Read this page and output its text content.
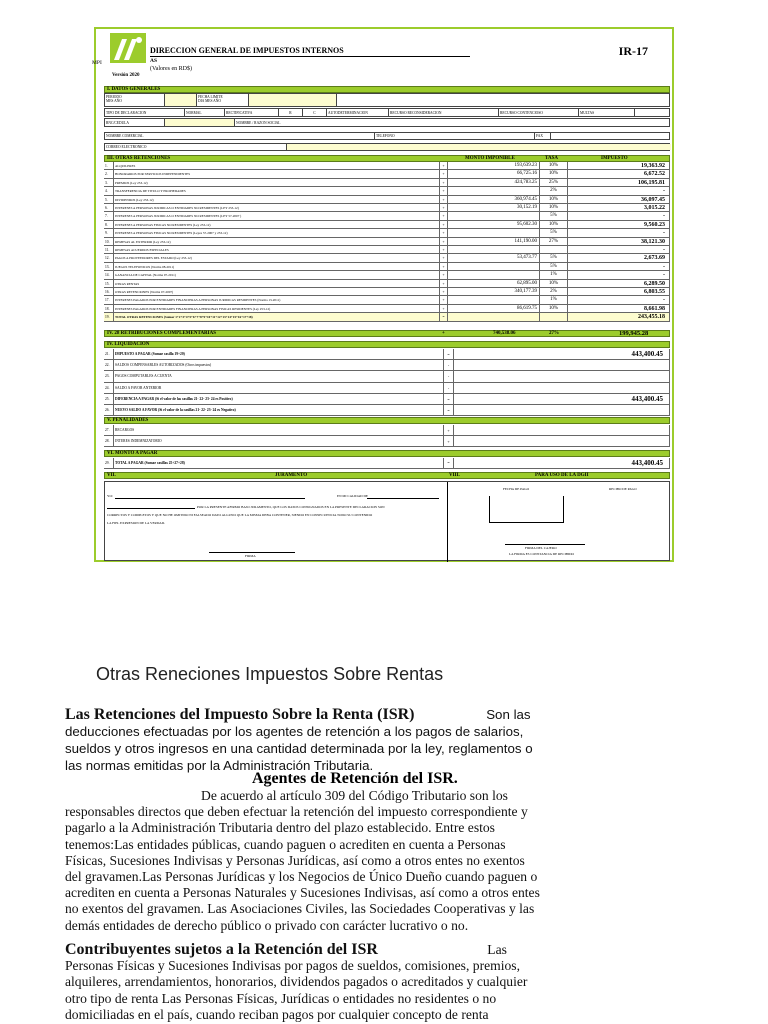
MPI
DIRECCION GENERAL DE IMPUESTOS INTERNOS	IR-17
AS
(Valores en RD$)
Versión 2020
I. DATOS GENERALES
PERIODO
MES AÑO
FECHA LIMITE
DIA MES AÑO
TIPO DE DECLARACION	NORMAL	RECTIFICATIVA	R	C	AUTODETERMINACION	RECURSO RECONSIDERACION	RECURSO CONTENCIOSO	MULTAS
RNC/CEDULA	NOMBRE / RAZON SOCIAL
NOMBRE COMERCIAL	TELEFONO	FAX
CORREO ELECTRONICO
III. OTRAS RETENCIONES	MONTO IMPONIBLE	TASA	IMPUESTO
1.	ALQUILERES	+	193,639.23	10%	19,363.92
2.	HONORARIOS POR SERVICIOS INDEPENDIENTES	+	66,725.16	10%	6,672.52
3.	PREMIOS (Ley 253-12)	+	424,783.25	25%	106,195.81
4.	TRANSFERENCIA DE TITULO Y PROPIEDADES	+	2%	-
5.	DIVIDENDOS (Ley 253-12)	+	360,974.45	10%	36,097.45
6.	INTERESES A PERSONAS JURIDICAS O ENTIDADES NO RESIDENTES (LEY 253-12)	+	30,152.19	10%	3,015.22
7.	INTERESES A PERSONAS JURIDICAS O ENTIDADES NO RESIDENTES (LEY 57-2007 )	+	5%	-
8.	INTERESES A PERSONAS FISICAS NO RESIDENTES (Ley 253-12)	+	95,602.30	10%	9,560.23
9.	INTERESES A PERSONAS FISICAS NO RESIDENTES (Leyes 57-2007 y 253-12)	+	5%	-
10.	REMESAS AL EXTERIOR (Ley 253-12)	+	141,190.00	27%	38,121.30
11.	REMESAS ACUERDOS ESPECIALES	+	-
12.	PAGOS A PROVEEDORES DEL ESTADO (Ley 253-12)	+	53,473.77	5%	2,673.69
13.	JUEGOS TELEFONICOS (Norma 08-2011)	+	5%	-
14.	GANANCIA DE CAPITAL (Norma 07-2011)	+	1%	-
15.	OTRAS RENTAS	+	62,895.00	10%	6,289.50
16.	OTRAS RETENCIONES (Norma 07-2007)	+	340,177.39	2%	6,803.55
17.	INTERESES PAGADOS POR ENTIDADES FINANCIERAS A PERSONAS JURIDICAS RESIDENTES (Norma 13-2011)	+	1%	-
18.	INTERESES PAGADOS POR ENTIDADES FINANCIERAS A PERSONAS FISICAS RESIDENTES (Ley 253-12)	+	86,619.75	10%	8,661.98
19.	TOTAL OTRAS RETENCIONES (Sumar 1+2+3+4+5+6+7+8+9+10+11+12+13+14+15+16+17+18)	=	243,455.18
IV. 28 RETRIBUCIONES COMPLEMENTARIAS	+	740,538.06	27%	199,945.28
IV. LIQUIDACION
21.	IMPUESTO A PAGAR (Sumar casilla 19+20)	=	443,400.45
22.	SALDOS COMPENSABLES AUTORIZADOS (Otros impuestos)	-
23.	PAGOS COMPUTABLES A CUENTA	-
24.	SALDO A FAVOR ANTERIOR	-
25.	DIFERENCIA A PAGAR (Si el valor de las casillas 21- 22- 23- 24 es Positivo)	=	443,400.45
26.	NUEVO SALDO A FAVOR (Si el valor de la casillas 21- 22- 23- 24 es Negativo)	=
V. PENALIDADES
27.	RECARGOS	+
28.	INTERES INDEMNIZATORIO	+
VI. MONTO A PAGAR
29.	TOTAL A PAGAR (Sumar casillas 25+27+28)	=	443,400.45
VII.	JURAMENTO	VIII.	PARA USO DE LA DGII
YO:	EN MI CALIDAD DE
POR LA PRESENTE AFIRMO BAJO JURAMENTO, QUE LOS DATOS CONSIGNADOS EN LA PRESENTE DECLARACION SON
CORRECTOS Y COMPLETOS Y QUE NO HE OMITIDO NI FALSEADO DATO ALGUNO QUE LA MISMA DEBA CONTENER, SIENDO EN CONSECUENCIA TODO SU CONTENIDO
LA FIEL EXPRESION DE LA VERDAD.
FIRMA
FECHA DE PAGO	RECIBO DE PAGO
FIRMA DEL CAJERO
LA FIRMA ES CONSTANCIA DE RECIBIDO
Otras Reneciones Impuestos Sobre Rentas
Las Retenciones del Impuesto Sobre la Renta (ISR)	Son las deducciones efectuadas por los agentes de retención a los pagos de salarios, sueldos y otros ingresos en una cantidad determinada por la ley, reglamentos o las normas emitidas por la Administración Tributaria.
Agentes de Retención del ISR.
De acuerdo al artículo 309 del Código Tributario son los responsables directos que deben efectuar la retención del impuesto correspondiente y pagarlo a la Administración Tributaria dentro del plazo establecido. Entre estos tenemos:Las entidades públicas, cuando paguen o acrediten en cuenta a Personas Físicas, Sucesiones Indivisas y Personas Jurídicas, así como a otros entes no exentos del gravamen.Las Personas Jurídicas y los Negocios de Único Dueño cuando paguen o acrediten en cuenta a Personas Naturales y Sucesiones Indivisas, así como a otros entes no exentos del gravamen. Las Asociaciones Civiles, las Sociedades Cooperativas y las demás entidades de derecho público o privado con carácter lucrativo o no.
Contribuyentes sujetos a la Retención del ISR	Las Personas Físicas y Sucesiones Indivisas por pagos de sueldos, comisiones, premios, alquileres, arrendamientos, honorarios, dividendos pagados o acreditados y cualquier otro tipo de renta Las Personas Físicas, Jurídicas o entidades no residentes o no domiciliadas en el país, cuando reciban pagos por cualquier concepto de renta
